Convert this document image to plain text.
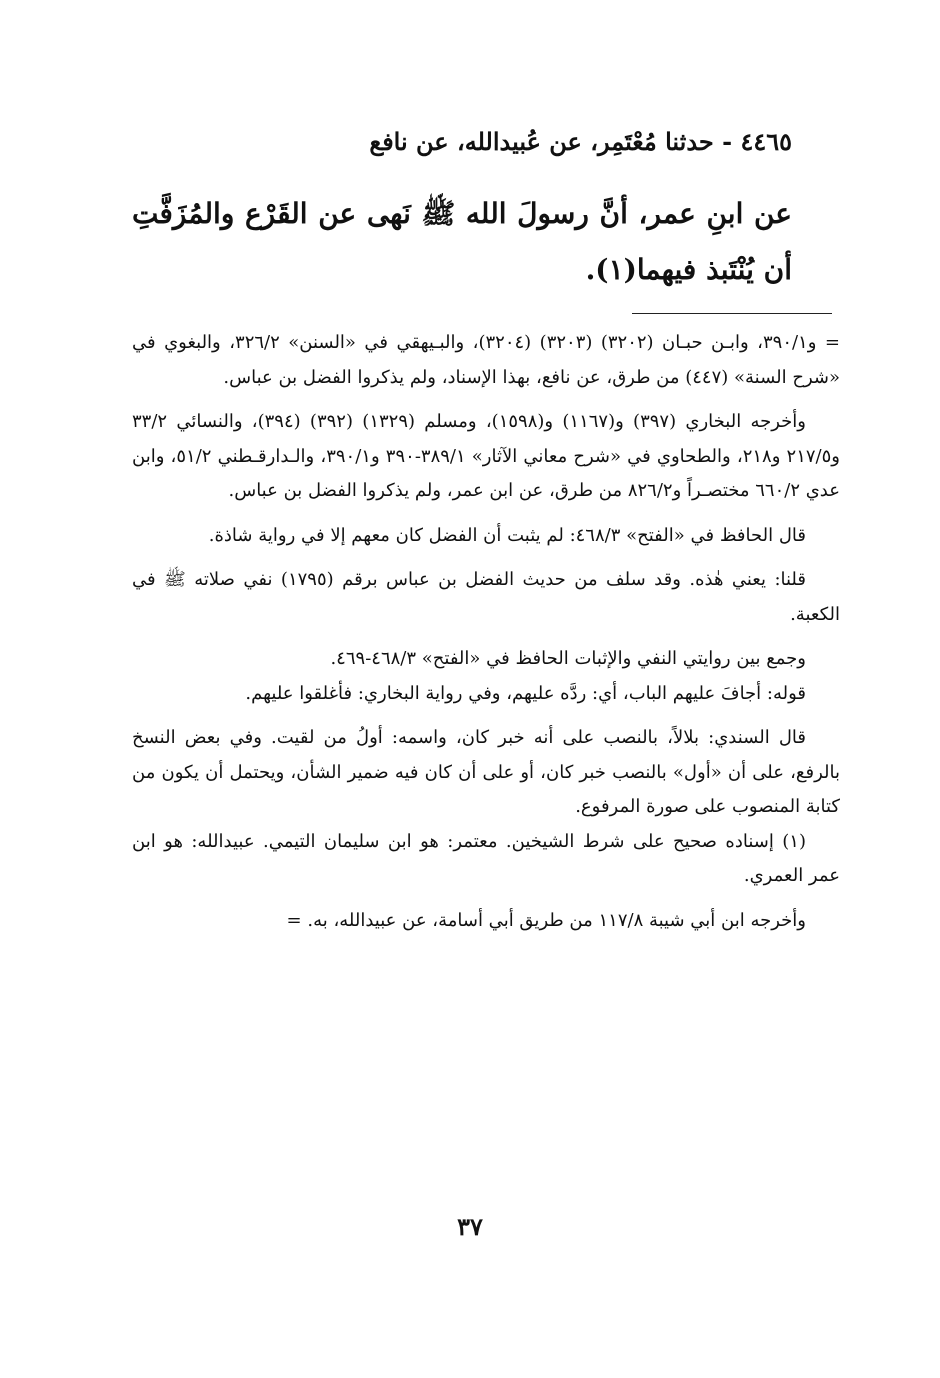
٤٤٦٥ - حدثنا مُعْتَمِر، عن عُبيدالله، عن نافع
عن ابنِ عمر، أنَّ رسولَ الله ﷺ نَهى عن القَرْع والمُزَفَّتِ أن يُنْتَبذ فيهما(١).

= و٣٩٠/١، وابـن حبـان (٣٢٠٢) (٣٢٠٣) (٣٢٠٤)، والبـيهقي في «السنن» ٣٢٦/٢، والبغوي في «شرح السنة» (٤٤٧) من طرق، عن نافع، بهذا الإسناد، ولم يذكروا الفضل بن عباس.

وأخرجه البخاري (٣٩٧) و(١١٦٧) و(١٥٩٨)، ومسلم (١٣٢٩) (٣٩٢) (٣٩٤)، والنسائي ٣٣/٢ و٢١٧/٥ و٢١٨، والطحاوي في «شرح معاني الآثار» ٣٨٩/١-٣٩٠ و٣٩٠/١، والـدارقـطني ٥١/٢، وابن عدي ٦٦٠/٢ مختصـراً و٨٢٦/٢ من طرق، عن ابن عمر، ولم يذكروا الفضل بن عباس.

قال الحافظ في «الفتح» ٤٦٨/٣: لم يثبت أن الفضل كان معهم إلا في رواية شاذة.

قلنا: يعني هٰذه. وقد سلف من حديث الفضل بن عباس برقم (١٧٩٥) نفي صلاته ﷺ في الكعبة.

وجمع بين روايتي النفي والإثبات الحافظ في «الفتح» ٤٦٨/٣-٤٦٩.

قوله: أجافَ عليهم الباب، أي: ردَّه عليهم، وفي رواية البخاري: فأغلقوا عليهم.

قال السندي: بلالاً، بالنصب على أنه خبر كان، واسمه: أولُ من لقيت. وفي بعض النسخ بالرفع، على أن «أول» بالنصب خبر كان، أو على أن كان فيه ضمير الشأن، ويحتمل أن يكون من كتابة المنصوب على صورة المرفوع.

(١) إسناده صحيح على شرط الشيخين. معتمر: هو ابن سليمان التيمي. عبيدالله: هو ابن عمر العمري.

وأخرجه ابن أبي شيبة ١١٧/٨ من طريق أبي أسامة، عن عبيدالله، به. =

٣٧
